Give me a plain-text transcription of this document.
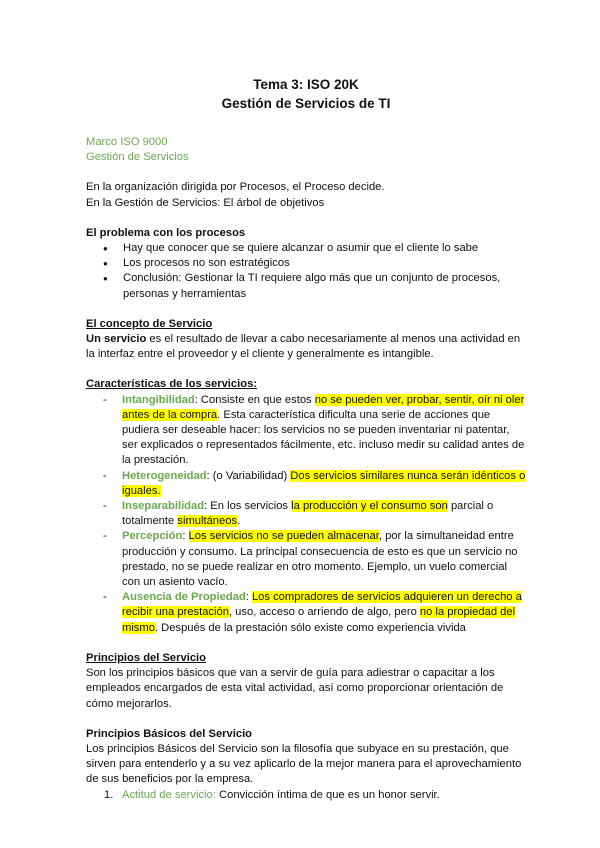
Tema 3: ISO 20K

Gestión de Servicios de TI

Marco ISO 9000

Gestión de Servicios

En la organización dirigida por Procesos, el Proceso decide.

En la Gestión de Servicios: El árbol de objetivos

El problema con los procesos

● Hay que conocer que se quiere alcanzar o asumir que el cliente lo sabe
● Los procesos no son estratégicos
● Conclusión: Gestionar la TI requiere algo más que un conjunto de procesos, personas y herramientas

El concepto de Servicio

Un servicio es el resultado de llevar a cabo necesariamente al menos una actividad en la interfaz entre el proveedor y el cliente y generalmente es intangible.

Características de los servicios:

- Intangibilidad: Consiste en que estos no se pueden ver, probar, sentir, oír ni oler antes de la compra. Esta característica dificulta una serie de acciones que pudiera ser deseable hacer: los servicios no se pueden inventariar ni patentar, ser explicados o representados fácilmente, etc. incluso medir su calidad antes de la prestación.
- Heterogeneidad: (o Variabilidad) Dos servicios similares nunca serán idénticos o iguales.
- Inseparabilidad: En los servicios la producción y el consumo son parcial o totalmente simultáneos.
- Percepción: Los servicios no se pueden almacenar, por la simultaneidad entre producción y consumo. La principal consecuencia de esto es que un servicio no prestado, no se puede realizar en otro momento. Ejemplo, un vuelo comercial con un asiento vacío.
- Ausencia de Propiedad: Los compradores de servicios adquieren un derecho a recibir una prestación, uso, acceso o arriendo de algo, pero no la propiedad del mismo. Después de la prestación sólo existe como experiencia vivida

Principios del Servicio

Son los principios básicos que van a servir de guía para adiestrar o capacitar a los empleados encargados de esta vital actividad, así como proporcionar orientación de cómo mejorarlos.

Principios Básicos del Servicio

Los principios Básicos del Servicio son la filosofía que subyace en su prestación, que sirven para entenderlo y a su vez aplicarlo de la mejor manera para el aprovechamiento de sus beneficios por la empresa.

1. Actitud de servicio: Convicción íntima de que es un honor servir.
